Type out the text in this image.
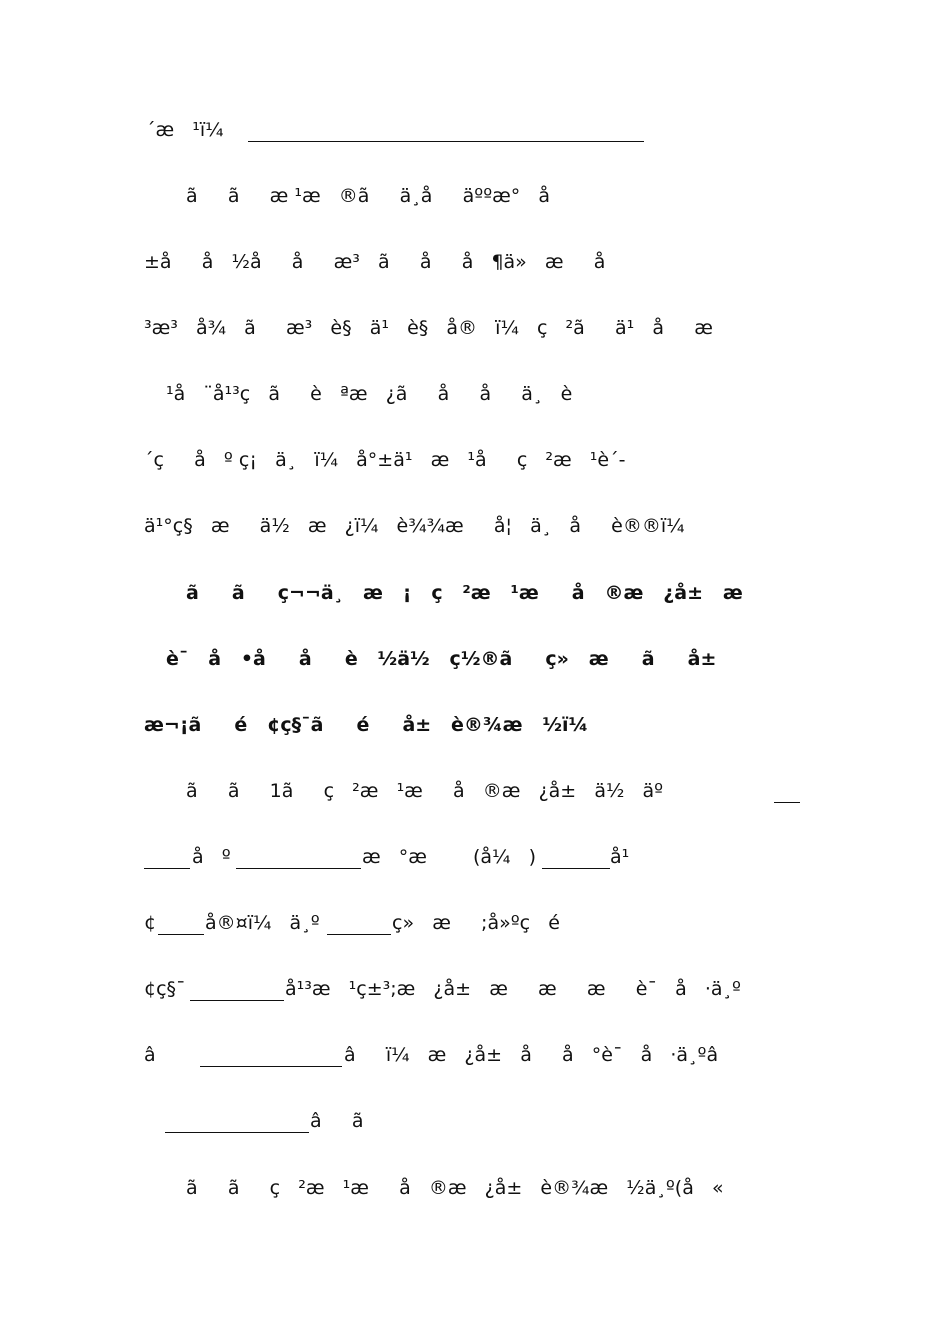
´æ   ¹ï¼
ã     ã     æ ¹æ   ®ã     ä¸å     äººæ°   å
±å     å   ½å     å     æ³   ã     å     å   ¶ä»   æ     å
³æ³   å¾   ã     æ³   è§   ä¹   è§   å®   ï¼   ç   ²ã     ä¹   å     æ
¹å   ¨å¹³ç   ã     è   ªæ   ¿ã     å     å     ä¸   è
´ç     å   º ç¡   ä¸   ï¼   å°±ä¹   æ   ¹å     ç   ²æ   ¹è´-
ä¹°ç§   æ     ä½   æ   ¿ï¼   è¾¾æ     å¦   ä¸   å     è®®ï¼
ã     ã     ç¬¬ä¸   æ   ¡   ç   ²æ   ¹æ     å   ®æ   ¿å±   æ
è¯   å   •å     å     è   ½ä½   ç½®ã     ç»   æ     ã     å±
æ¬¡ã     é   ¢ç§¯ã     é     å±   è®¾æ   ½ï¼
ã     ã     1ã     ç   ²æ   ¹æ     å   ®æ   ¿å±   ä½   äº
å   º	æ   °æ (å¼   )	å¹
¢	å®¤ï¼   ä¸º	ç»   æ     ;å»ºç   é
¢ç§¯	å¹³æ   ¹ç±³;æ   ¿å±   æ     æ     æ     è¯   å   ·ä¸º
â	â     ï¼   æ   ¿å±   å     å   °è¯   å   ·ä¸ºâ
â     ã
ã     ã     ç   ²æ   ¹æ     å   ®æ   ¿å±   è®¾æ   ½ä¸º(å   «
